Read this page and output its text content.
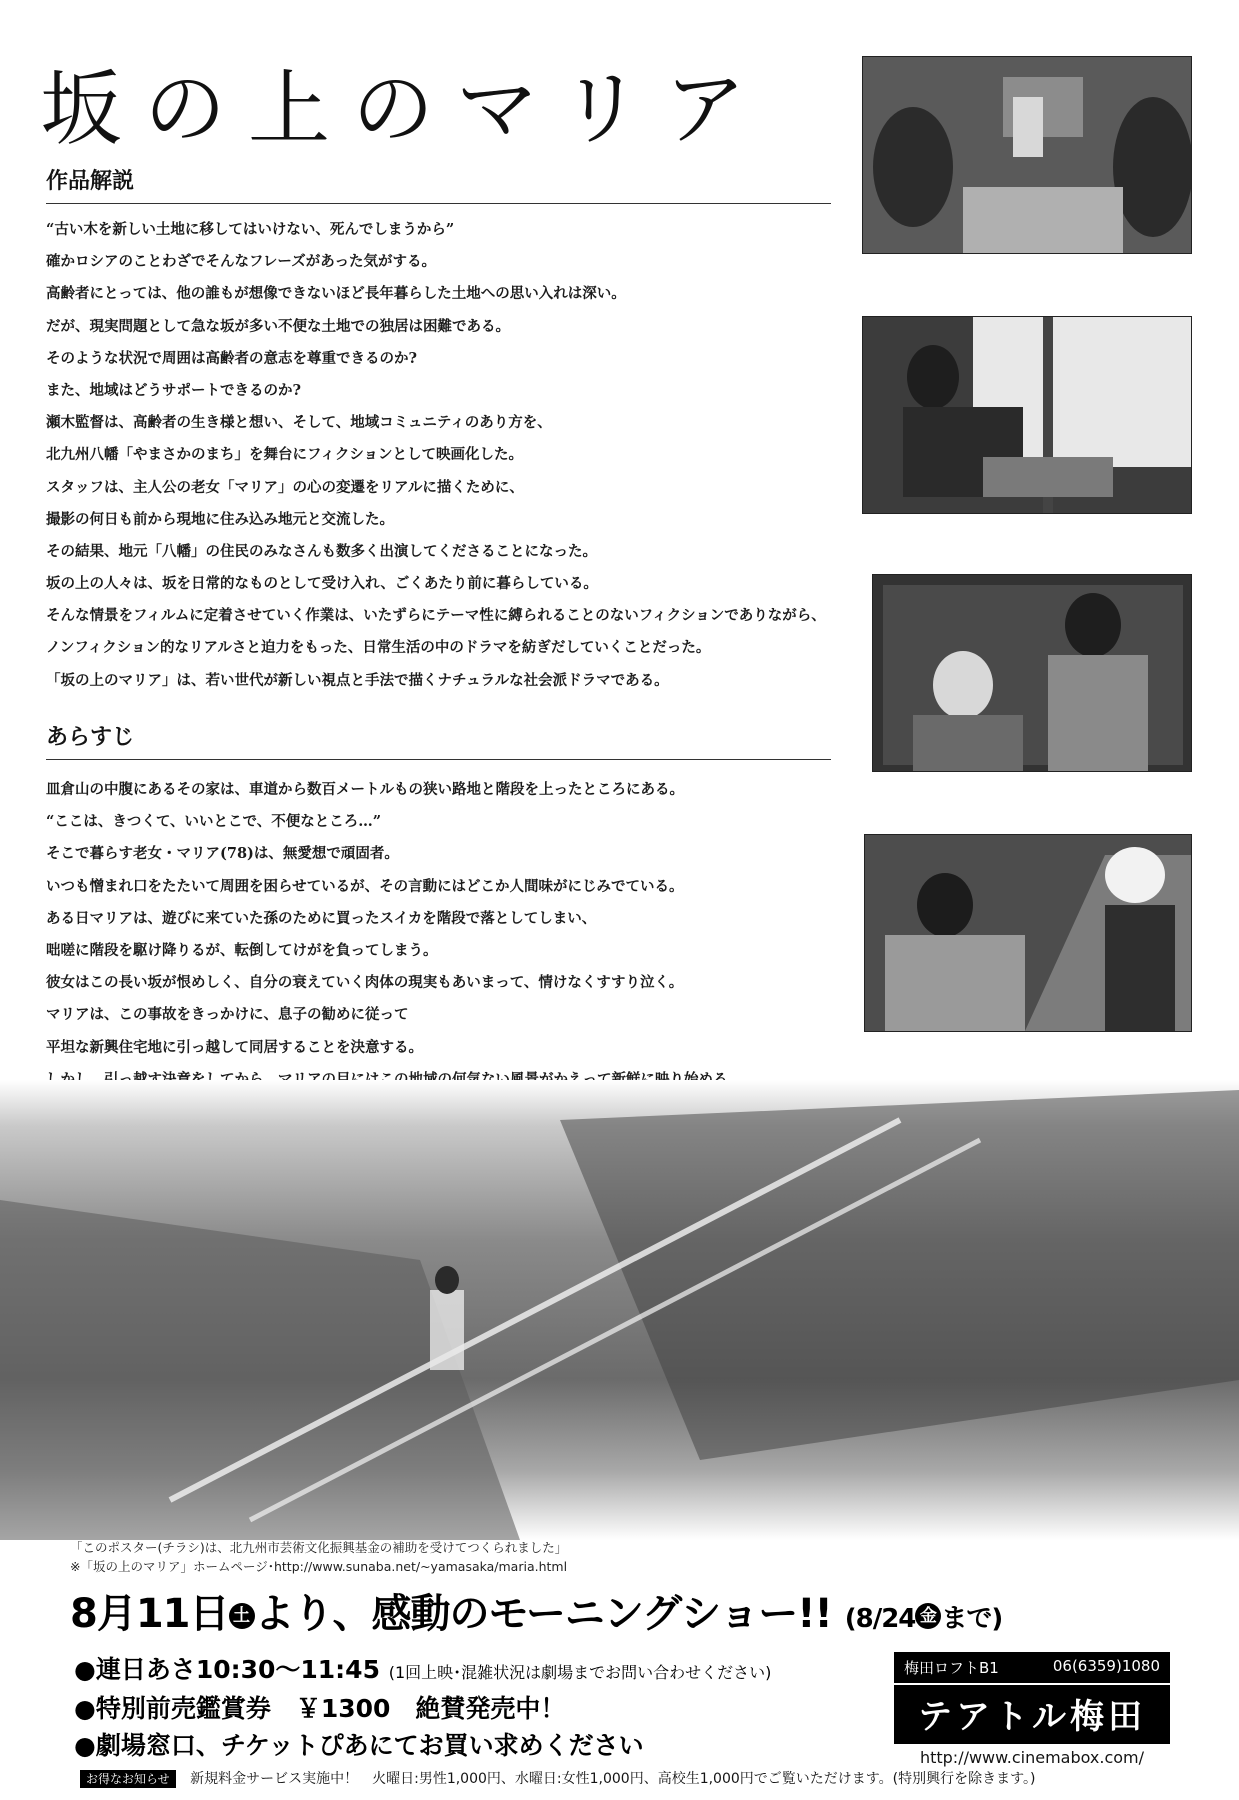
坂の上のマリア
作品解説
“古い木を新しい土地に移してはいけない、死んでしまうから”
確かロシアのことわざでそんなフレーズがあった気がする。
高齢者にとっては、他の誰もが想像できないほど長年暮らした土地への思い入れは深い。
だが、現実問題として急な坂が多い不便な土地での独居は困難である。
そのような状況で周囲は高齢者の意志を尊重できるのか?
また、地域はどうサポートできるのか?
瀬木監督は、高齢者の生き様と想い、そして、地域コミュニティのあり方を、
北九州八幡「やまさかのまち」を舞台にフィクションとして映画化した。
スタッフは、主人公の老女「マリア」の心の変遷をリアルに描くために、
撮影の何日も前から現地に住み込み地元と交流した。
その結果、地元「八幡」の住民のみなさんも数多く出演してくださることになった。
坂の上の人々は、坂を日常的なものとして受け入れ、ごくあたり前に暮らしている。
そんな情景をフィルムに定着させていく作業は、いたずらにテーマ性に縛られることのないフィクションでありながら、
ノンフィクション的なリアルさと迫力をもった、日常生活の中のドラマを紡ぎだしていくことだった。
「坂の上のマリア」は、若い世代が新しい視点と手法で描くナチュラルな社会派ドラマである。
あらすじ
皿倉山の中腹にあるその家は、車道から数百メートルもの狭い路地と階段を上ったところにある。
“ここは、きつくて、いいとこで、不便なところ…”
そこで暮らす老女・マリア(78)は、無愛想で頑固者。
いつも憎まれ口をたたいて周囲を困らせているが、その言動にはどこか人間味がにじみでている。
ある日マリアは、遊びに来ていた孫のために買ったスイカを階段で落としてしまい、
咄嗟に階段を駆け降りるが、転倒してけがを負ってしまう。
彼女はこの長い坂が恨めしく、自分の衰えていく肉体の現実もあいまって、情けなくすすり泣く。
マリアは、この事故をきっかけに、息子の勧めに従って
平坦な新興住宅地に引っ越して同居することを決意する。
「このポスター(チラシ)は、北九州市芸術文化振興基金の補助を受けてつくられました」
※「坂の上のマリア」ホームページ･http://www.sunaba.net/~yamasaka/maria.html
8月11日 土 より、感動のモーニングショー!! (8/24 金 まで)
●連日あさ10:30〜11:45 (1回上映･混雑状況は劇場までお問い合わせください)
●特別前売鑑賞券　￥1300　絶賛発売中！
●劇場窓口、チケットぴあにてお買い求めください
梅田ロフトB1	06(6359)1080
テアトル梅田
http://www.cinemabox.com/
お得なお知らせ 新規料金サービス実施中！　火曜日:男性1,000円、水曜日:女性1,000円、高校生1,000円でご覧いただけます。(特別興行を除きます。)
